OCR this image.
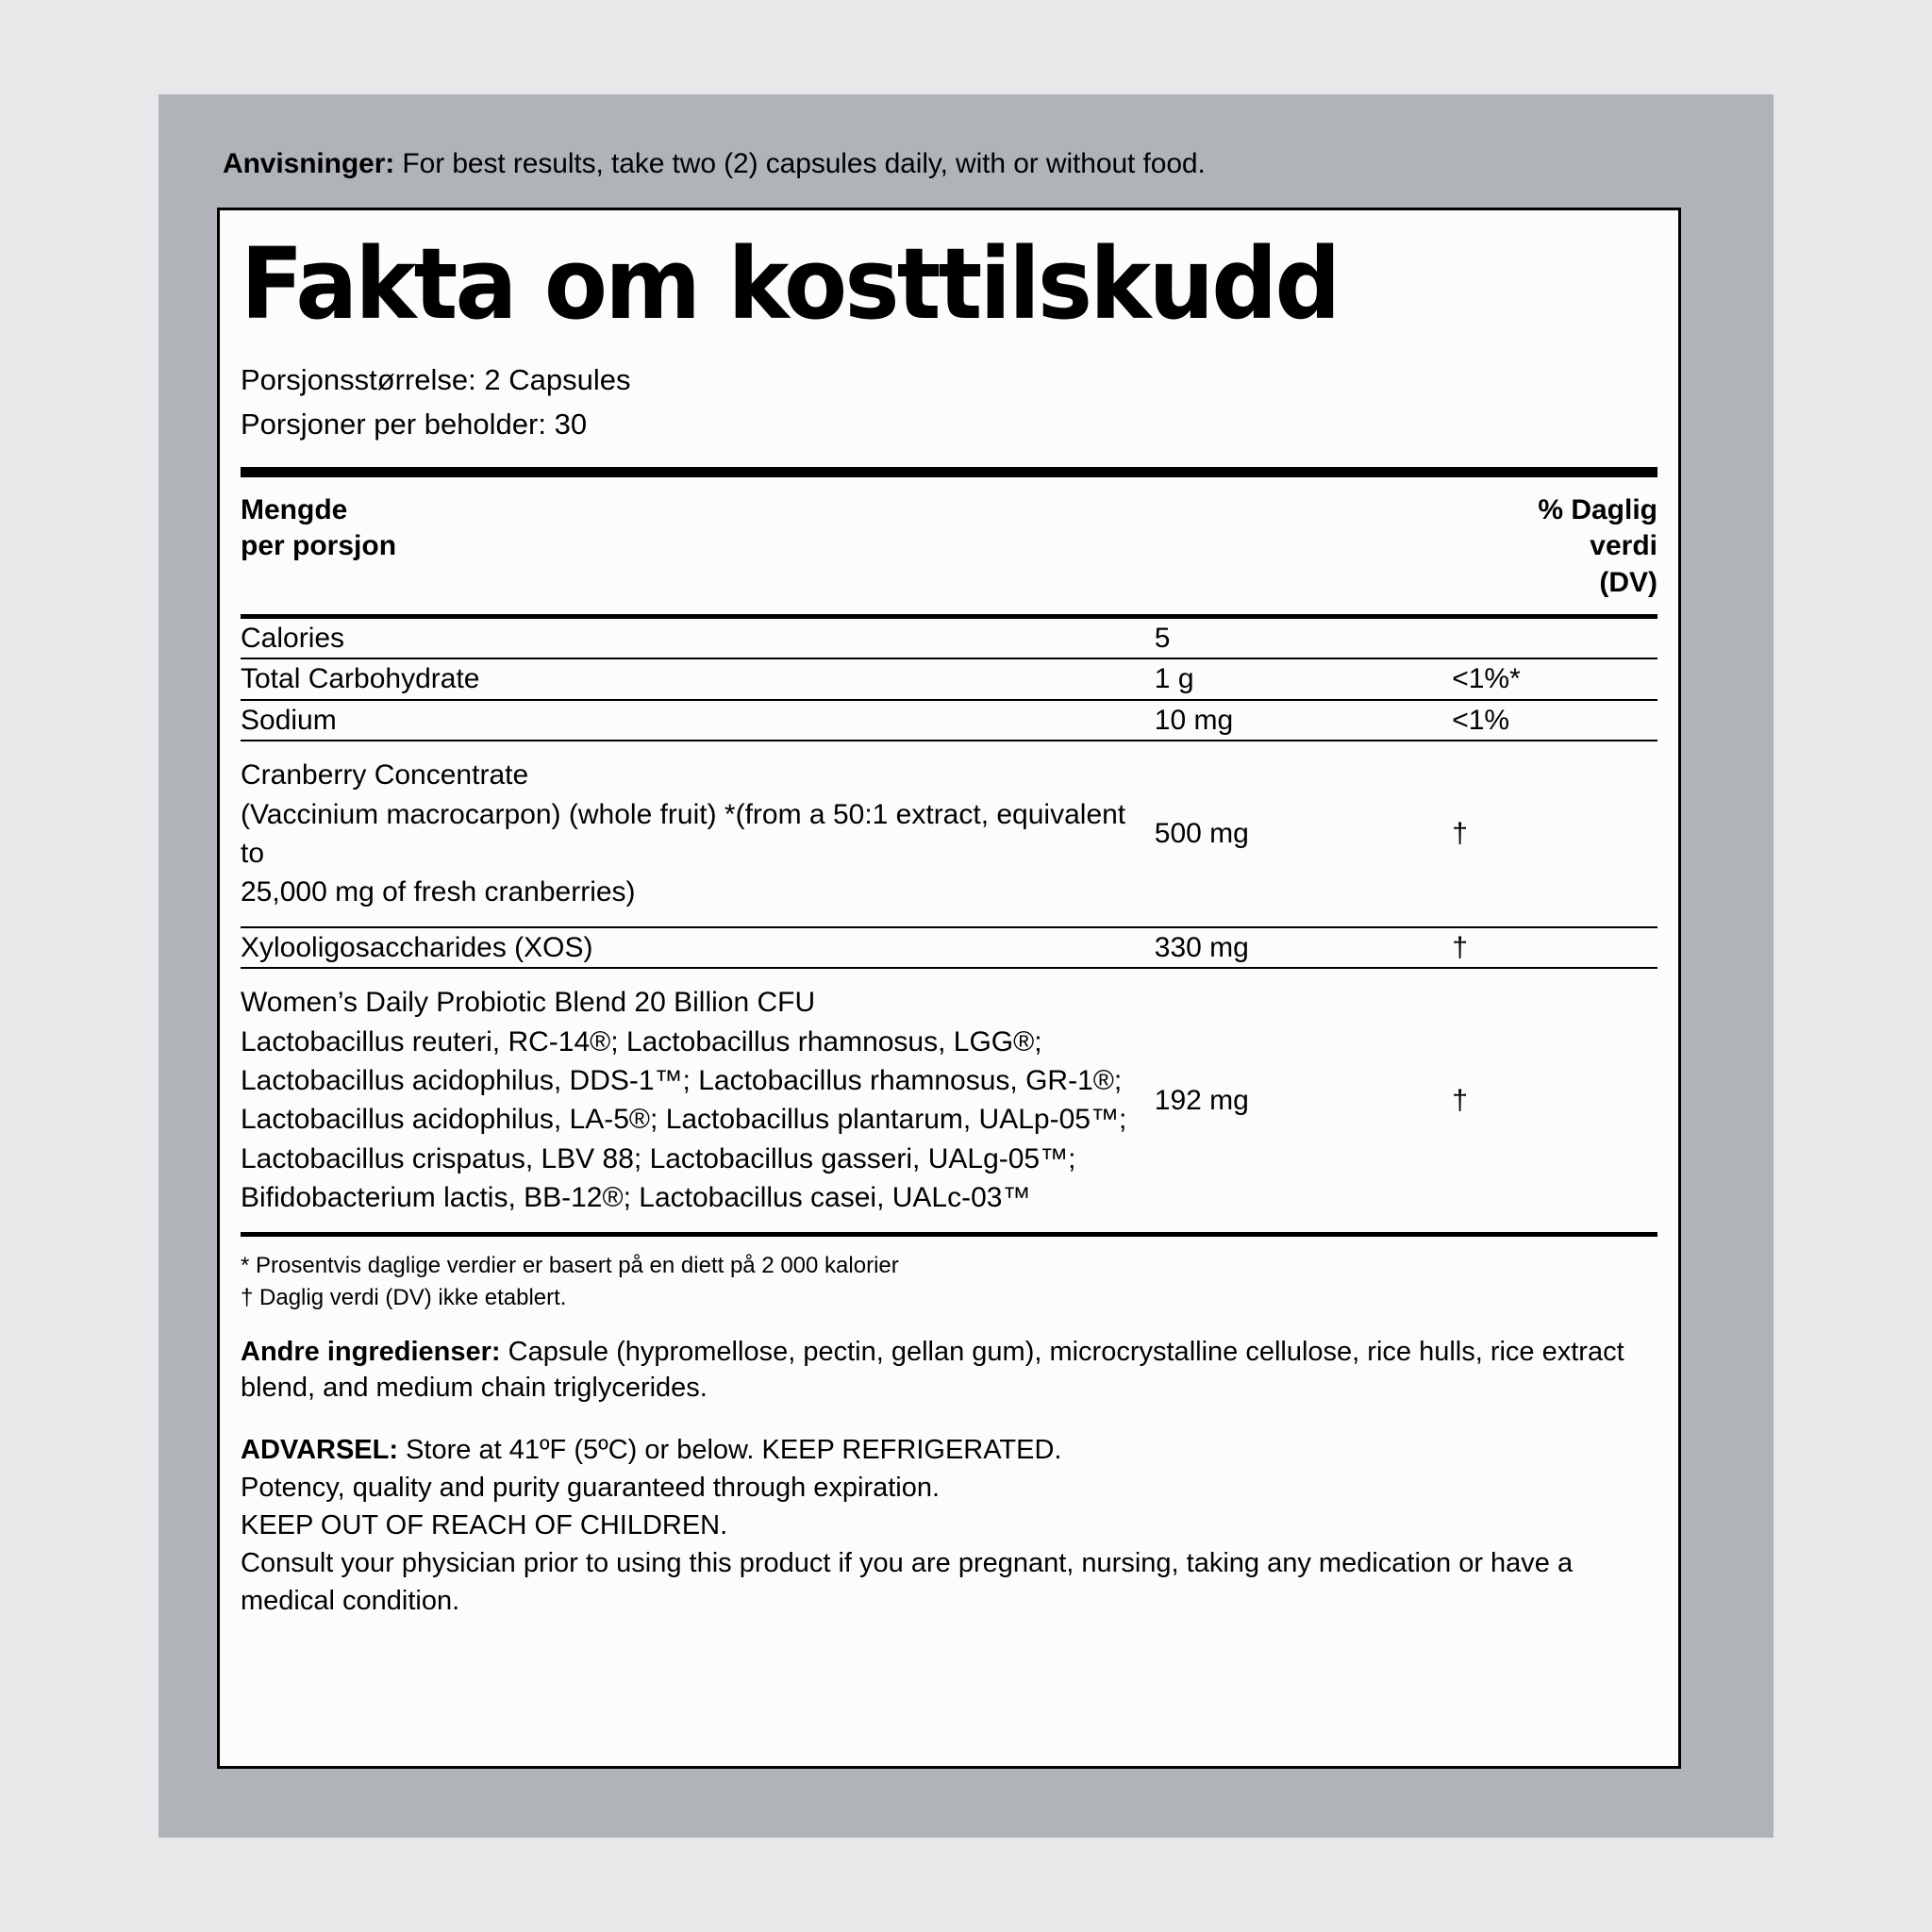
Anvisninger: For best results, take two (2) capsules daily, with or without food.
Fakta om kosttilskudd
Porsjonsstørrelse: 2 Capsules
Porsjoner per beholder: 30
Mengde
per porsjon
% Daglig
verdi
(DV)
Calories	5	

Total Carbohydrate	1 g	<1%*

Sodium	10 mg	<1%

Cranberry Concentrate
(Vaccinium macrocarpon) (whole fruit) *(from a 50:1 extract, equivalent to
25,000 mg of fresh cranberries)	500 mg	†

Xylooligosaccharides (XOS)	330 mg	†

Women’s Daily Probiotic Blend 20 Billion CFU
Lactobacillus reuteri, RC-14®; Lactobacillus rhamnosus, LGG®; Lactobacillus acidophilus, DDS-1™; Lactobacillus rhamnosus, GR-1®; Lactobacillus acidophilus, LA-5®; Lactobacillus plantarum, UALp-05™; Lactobacillus crispatus, LBV 88; Lactobacillus gasseri, UALg-05™; Bifidobacterium lactis, BB-12®; Lactobacillus casei, UALc-03™	192 mg	†
* Prosentvis daglige verdier er basert på en diett på 2 000 kalorier
† Daglig verdi (DV) ikke etablert.
Andre ingredienser: Capsule (hypromellose, pectin, gellan gum), microcrystalline cellulose, rice hulls, rice extract blend, and medium chain triglycerides.
ADVARSEL: Store at 41ºF (5ºC) or below. KEEP REFRIGERATED.
Potency, quality and purity guaranteed through expiration.
KEEP OUT OF REACH OF CHILDREN.
Consult your physician prior to using this product if you are pregnant, nursing, taking any medication or have a medical condition.
